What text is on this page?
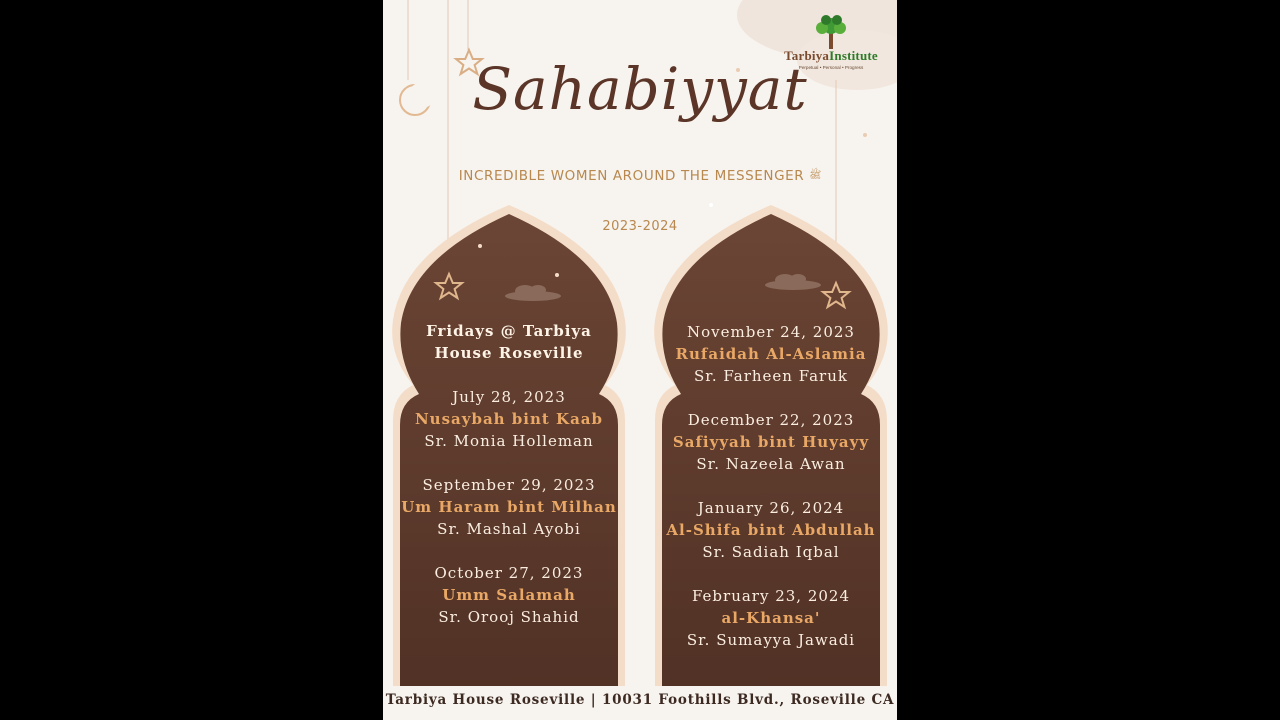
TarbiyaInstitute
Perpetual • Personal • Progress
Sahabiyyat
INCREDIBLE WOMEN AROUND THE MESSENGER ﷺ
2023-2024
Fridays @ Tarbiya House Roseville
July 28, 2023
Nusaybah bint Kaab
Sr. Monia Holleman
September 29, 2023
Um Haram bint Milhan
Sr. Mashal Ayobi
October 27, 2023
Umm Salamah
Sr. Orooj Shahid
November 24, 2023
Rufaidah Al-Aslamia
Sr. Farheen Faruk
December 22, 2023
Safiyyah bint Huyayy
Sr. Nazeela Awan
January 26, 2024
Al-Shifa bint Abdullah
Sr. Sadiah Iqbal
February 23, 2024
al-Khansa'
Sr. Sumayya Jawadi
Tarbiya House Roseville | 10031 Foothills Blvd., Roseville CA
